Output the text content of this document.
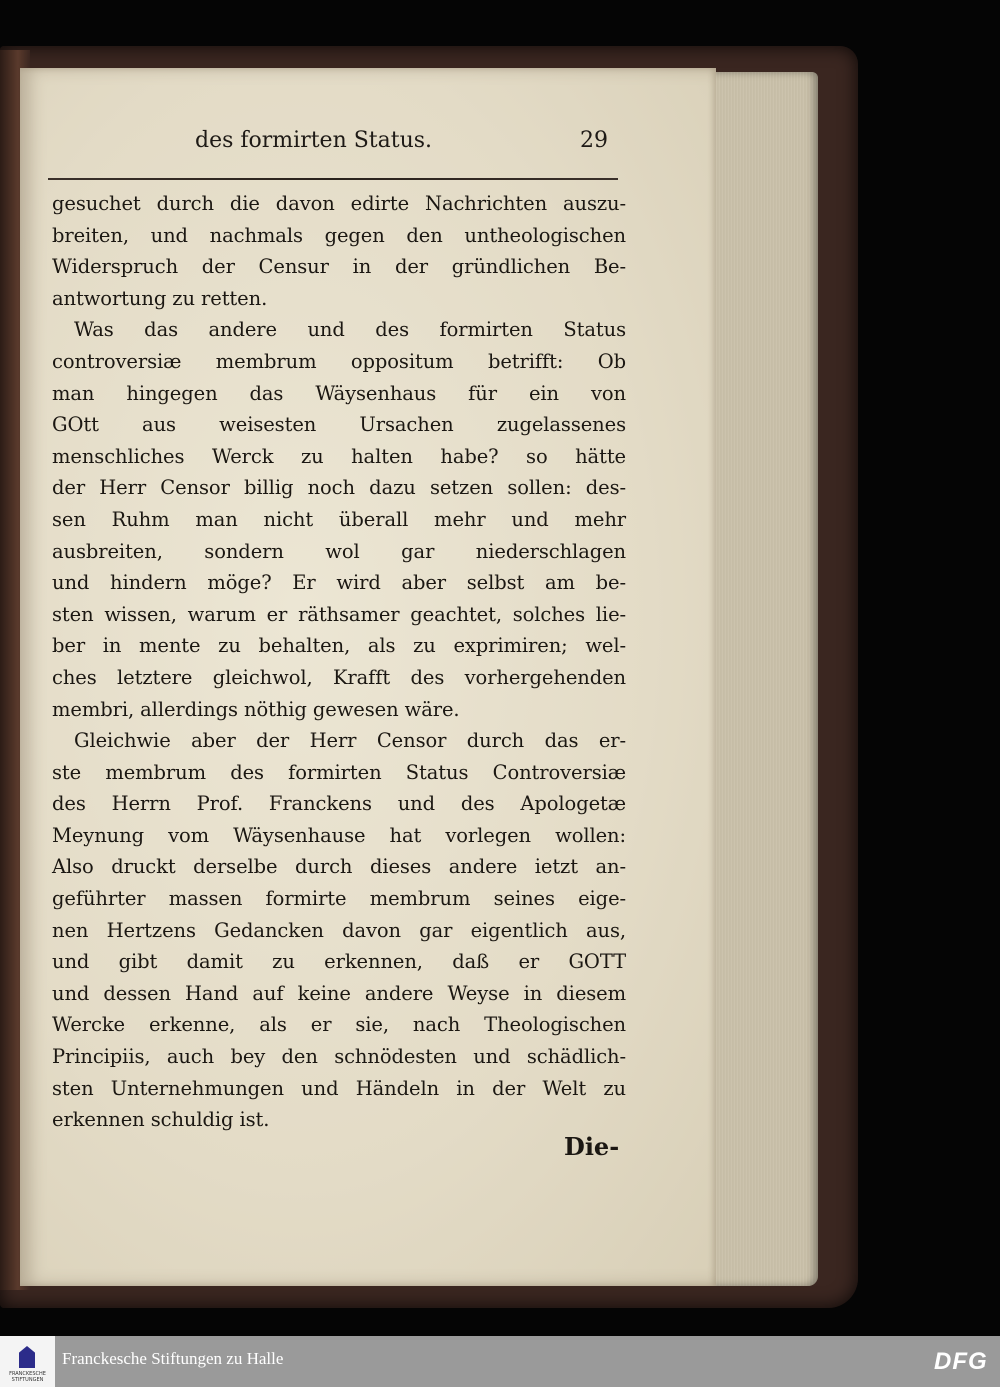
des formirten Status.	29
gesuchet durch die davon edirte Nachrichten auszu-
breiten, und nachmals gegen den untheologischen
Widerspruch der Censur in der gründlichen Be-
antwortung zu retten.
Was das andere und des formirten Status
controversiæ membrum oppositum betrifft: Ob
man hingegen das Wäysenhaus für ein von
GOtt aus weisesten Ursachen zugelassenes
menschliches Werck zu halten habe? so hätte
der Herr Censor billig noch dazu setzen sollen: des-
sen Ruhm man nicht überall mehr und mehr
ausbreiten, sondern wol gar niederschlagen
und hindern möge? Er wird aber selbst am be-
sten wissen, warum er räthsamer geachtet, solches lie-
ber in mente zu behalten, als zu exprimiren; wel-
ches letztere gleichwol, Krafft des vorhergehenden
membri, allerdings nöthig gewesen wäre.
Gleichwie aber der Herr Censor durch das er-
ste membrum des formirten Status Controversiæ
des Herrn Prof. Franckens und des Apologetæ
Meynung vom Wäysenhause hat vorlegen wollen:
Also druckt derselbe durch dieses andere ietzt an-
geführter massen formirte membrum seines eige-
nen Hertzens Gedancken davon gar eigentlich aus,
und gibt damit zu erkennen, daß er GOTT
und dessen Hand auf keine andere Weyse in diesem
Wercke erkenne, als er sie, nach Theologischen
Principiis, auch bey den schnödesten und schädlich-
sten Unternehmungen und Händeln in der Welt zu
erkennen schuldig ist.
Die-
FRANCKESCHE STIFTUNGEN
Franckesche Stiftungen zu Halle	DFG
